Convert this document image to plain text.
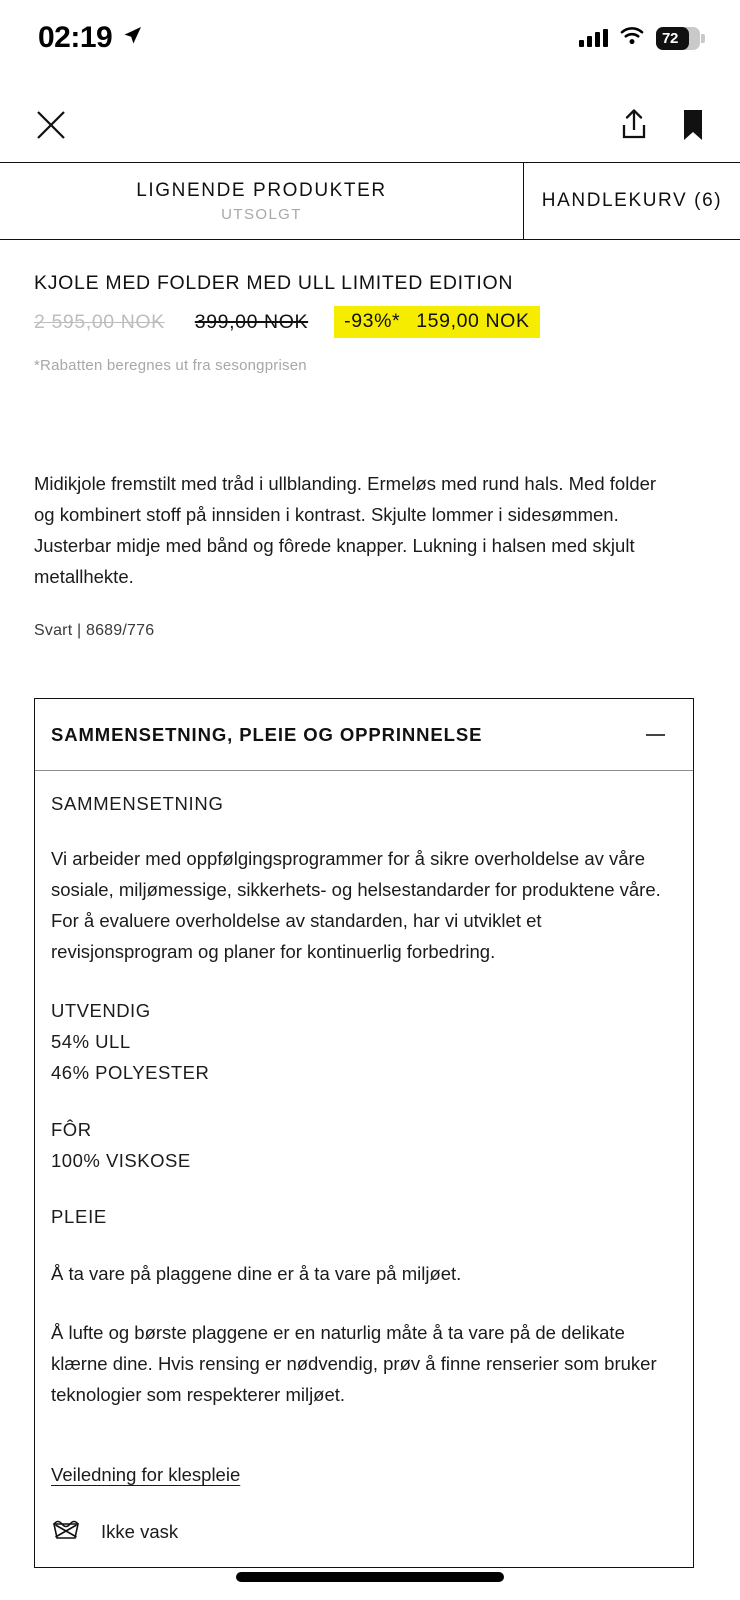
02:19	72
LIGNENDE PRODUKTER
UTSOLGT
HANDLEKURV (6)
KJOLE MED FOLDER MED ULL LIMITED EDITION
2 595,00 NOK 399,00 NOK -93%* 159,00 NOK
*Rabatten beregnes ut fra sesongprisen
Midikjole fremstilt med tråd i ullblanding. Ermeløs med rund hals. Med folder og kombinert stoff på innsiden i kontrast. Skjulte lommer i sidesømmen. Justerbar midje med bånd og fôrede knapper. Lukning i halsen med skjult metallhekte.
Svart | 8689/776
SAMMENSETNING, PLEIE OG OPPRINNELSE
SAMMENSETNING
Vi arbeider med oppfølgingsprogrammer for å sikre overholdelse av våre sosiale, miljømessige, sikkerhets- og helsestandarder for produktene våre. For å evaluere overholdelse av standarden, har vi utviklet et revisjonsprogram og planer for kontinuerlig forbedring.
UTVENDIG
54% ULL
46% POLYESTER
FÔR
100% VISKOSE
PLEIE
Å ta vare på plaggene dine er å ta vare på miljøet.
Å lufte og børste plaggene er en naturlig måte å ta vare på de delikate klærne dine. Hvis rensing er nødvendig, prøv å finne renserier som bruker teknologier som respekterer miljøet.
Veiledning for klespleie
Ikke vask
